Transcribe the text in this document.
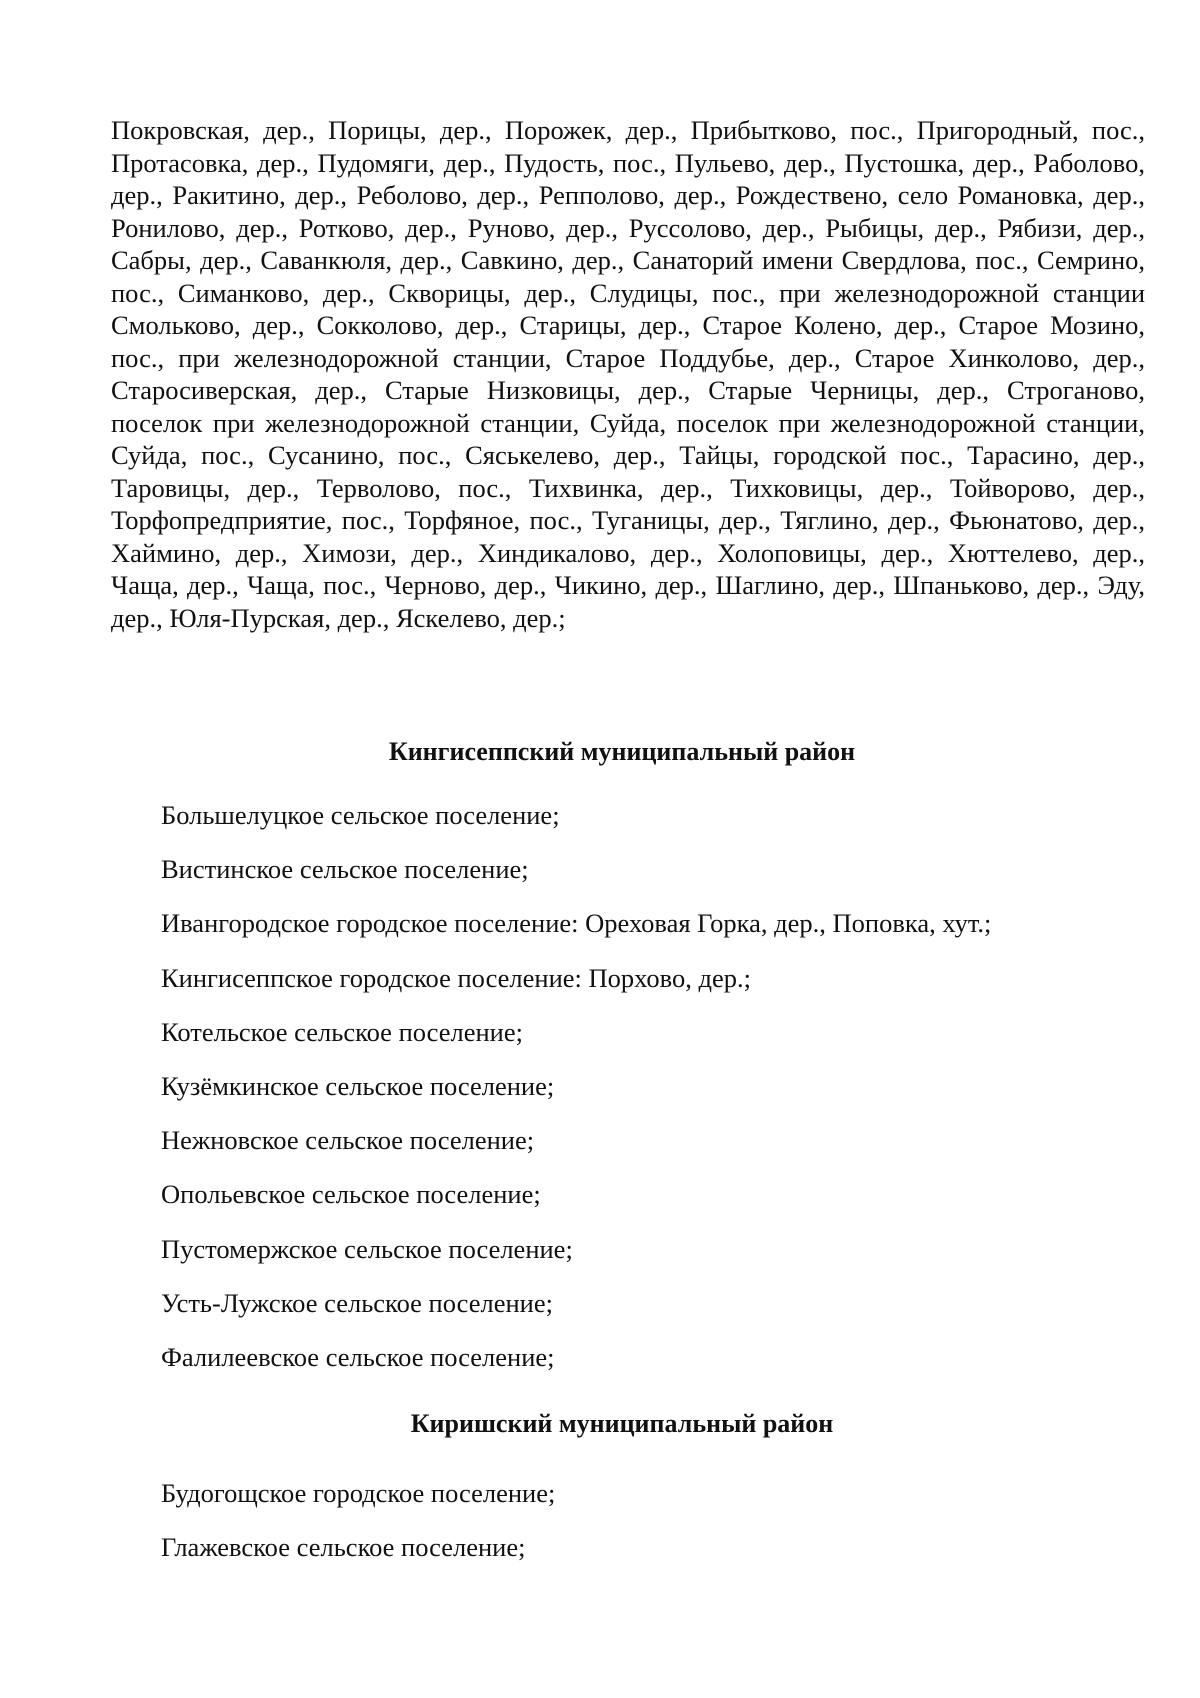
Покровская, дер., Порицы, дер., Порожек, дер., Прибытково, пос., Пригородный, пос., Протасовка, дер., Пудомяги, дер., Пудость, пос., Пульево, дер., Пустошка, дер., Раболово, дер., Ракитино, дер., Реболово, дер., Репполово, дер., Рождествено, село Романовка, дер., Ронилово, дер., Ротково, дер., Руново, дер., Руссолово, дер., Рыбицы, дер., Рябизи, дер., Сабры, дер., Саванкюля, дер., Савкино, дер., Санаторий имени Свердлова, пос., Семрино, пос., Симанково, дер., Скворицы, дер., Слудицы, пос., при железнодорожной станции Смольково, дер., Сокколово, дер., Старицы, дер., Старое Колено, дер., Старое Мозино, пос., при железнодорожной станции, Старое Поддубье, дер., Старое Хинколово, дер., Старосиверская, дер., Старые Низковицы, дер., Старые Черницы, дер., Строганово, поселок при железнодорожной станции, Суйда, поселок при железнодорожной станции, Суйда, пос., Сусанино, пос., Сяськелево, дер., Тайцы, городской пос., Тарасино, дер., Таровицы, дер., Терволово, пос., Тихвинка, дер., Тихковицы, дер., Тойворово, дер., Торфопредприятие, пос., Торфяное, пос., Туганицы, дер., Тяглино, дер., Фьюнатово, дер., Хаймино, дер., Химози, дер., Хиндикалово, дер., Холоповицы, дер., Хюттелево, дер., Чаща, дер., Чаща, пос., Черново, дер., Чикино, дер., Шаглино, дер., Шпаньково, дер., Эду, дер., Юля-Пурская, дер., Яскелево, дер.;

Кингисеппский муниципальный район
Большелуцкое сельское поселение;
Вистинское сельское поселение;
Ивангородское городское поселение: Ореховая Горка, дер., Поповка, хут.;
Кингисеппское городское поселение: Порхово, дер.;
Котельское сельское поселение;
Кузёмкинское сельское поселение;
Нежновское сельское поселение;
Опольевское сельское поселение;
Пустомержское сельское поселение;
Усть-Лужское сельское поселение;
Фалилеевское сельское поселение;
Киришский муниципальный район
Будогощское городское поселение;
Глажевское сельское поселение;
